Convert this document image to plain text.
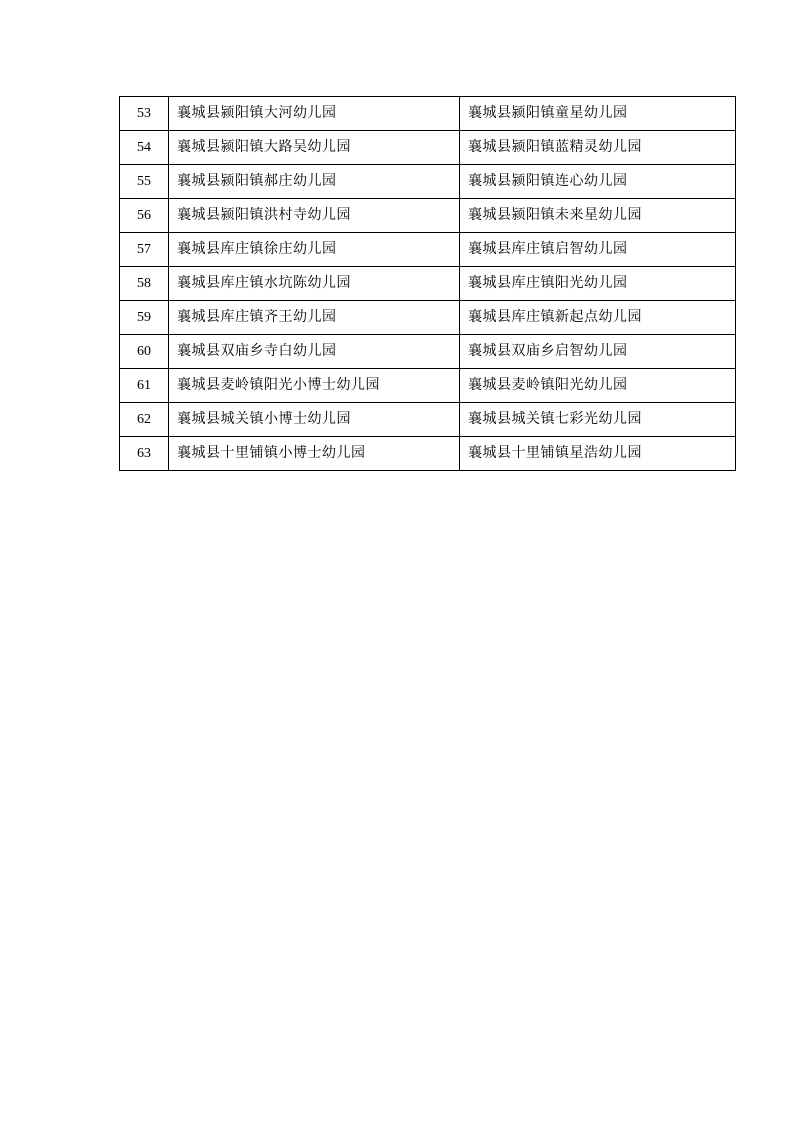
53	襄城县颍阳镇大河幼儿园	襄城县颍阳镇童星幼儿园
54	襄城县颍阳镇大路吴幼儿园	襄城县颍阳镇蓝精灵幼儿园
55	襄城县颍阳镇郝庄幼儿园	襄城县颍阳镇连心幼儿园
56	襄城县颍阳镇洪村寺幼儿园	襄城县颍阳镇未来星幼儿园
57	襄城县库庄镇徐庄幼儿园	襄城县库庄镇启智幼儿园
58	襄城县库庄镇水坑陈幼儿园	襄城县库庄镇阳光幼儿园
59	襄城县库庄镇齐王幼儿园	襄城县库庄镇新起点幼儿园
60	襄城县双庙乡寺白幼儿园	襄城县双庙乡启智幼儿园
61	襄城县麦岭镇阳光小博士幼儿园	襄城县麦岭镇阳光幼儿园
62	襄城县城关镇小博士幼儿园	襄城县城关镇七彩光幼儿园
63	襄城县十里铺镇小博士幼儿园	襄城县十里铺镇星浩幼儿园
